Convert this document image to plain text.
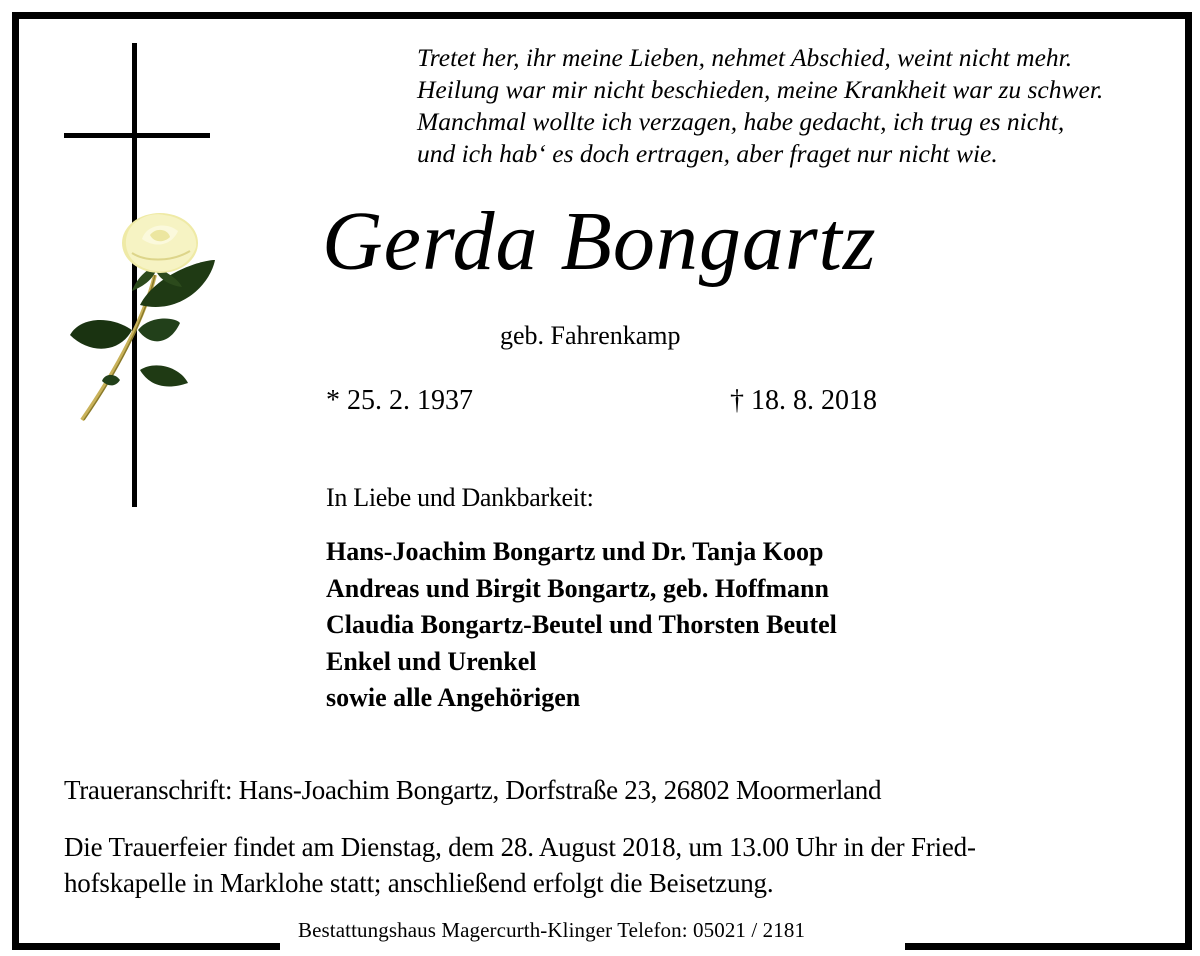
Tretet her, ihr meine Lieben, nehmet Abschied, weint nicht mehr.
Heilung war mir nicht beschieden, meine Krankheit war zu schwer.
Manchmal wollte ich verzagen, habe gedacht, ich trug es nicht,
und ich hab‘ es doch ertragen, aber fraget nur nicht wie.
Gerda Bongartz
geb. Fahrenkamp
* 25. 2. 1937	† 18. 8. 2018
In Liebe und Dankbarkeit:
Hans-Joachim Bongartz und Dr. Tanja Koop
Andreas und Birgit Bongartz, geb. Hoffmann
Claudia Bongartz-Beutel und Thorsten Beutel
Enkel und Urenkel
sowie alle Angehörigen
Traueranschrift: Hans-Joachim Bongartz, Dorfstraße 23, 26802 Moormerland
Die Trauerfeier findet am Dienstag, dem 28. August 2018, um 13.00 Uhr in der Fried-
hofskapelle in Marklohe statt; anschließend erfolgt die Beisetzung.
Bestattungshaus Magercurth-Klinger Telefon: 05021 / 2181
